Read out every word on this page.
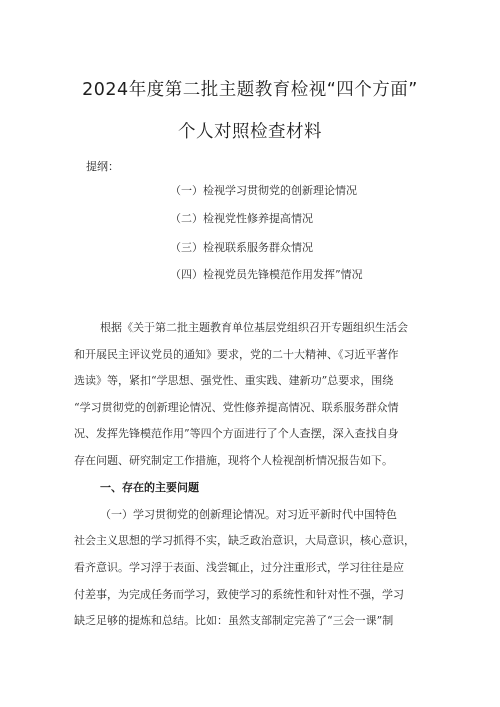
2024年度第二批主题教育检视“四个方面”
个人对照检查材料
提纲：
（一）检视学习贯彻党的创新理论情况
（二）检视党性修养提高情况
（三）检视联系服务群众情况
（四）检视党员先锋模范作用发挥”情况
根据《关于第二批主题教育单位基层党组织召开专题组织生活会
和开展民主评议党员的通知》要求，党的二十大精神、《习近平著作
选读》等，紧扣“学思想、强党性、重实践、建新功”总要求，围绕
“学习贯彻党的创新理论情况、党性修养提高情况、联系服务群众情
况、发挥先锋模范作用”等四个方面进行了个人查摆，深入查找自身
存在问题、研究制定工作措施，现将个人检视剖析情况报告如下。
一、存在的主要问题
（一）学习贯彻党的创新理论情况。对习近平新时代中国特色
社会主义思想的学习抓得不实，缺乏政治意识，大局意识，核心意识，
看齐意识。学习浮于表面、浅尝辄止，过分注重形式，学习往往是应
付差事，为完成任务而学习，致使学习的系统性和针对性不强，学习
缺乏足够的提炼和总结。比如：虽然支部制定完善了“三会一课”制
